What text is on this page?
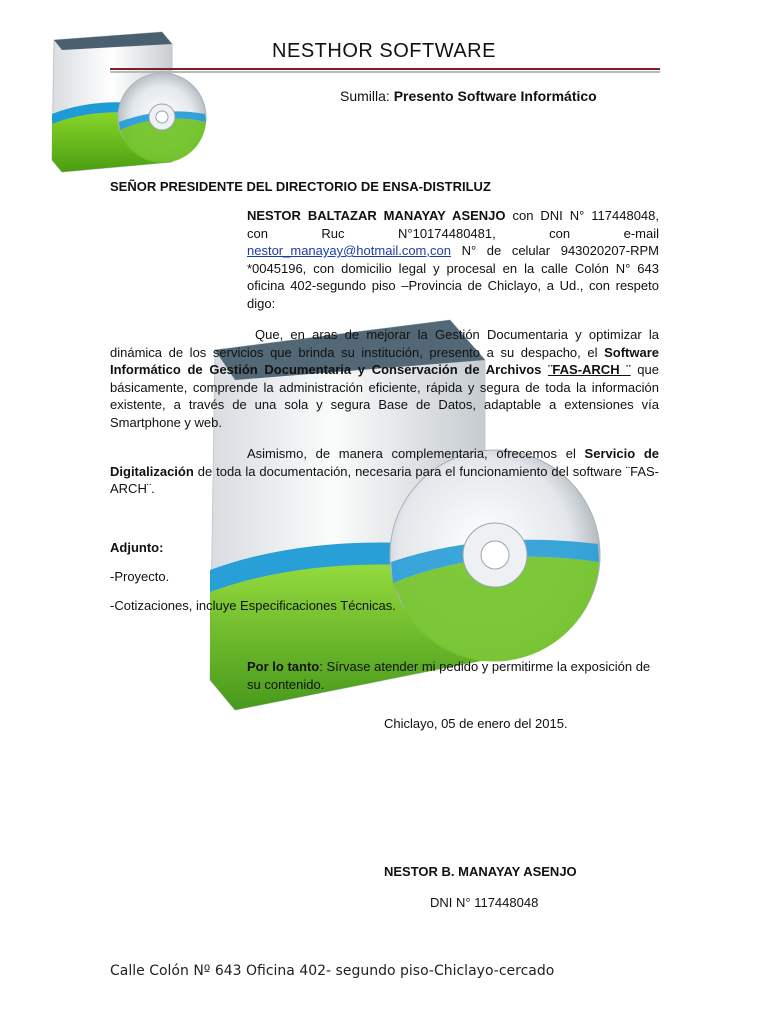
NESTHOR SOFTWARE
Sumilla: Presento Software Informático
SEÑOR PRESIDENTE DEL DIRECTORIO DE ENSA-DISTRILUZ
NESTOR BALTAZAR MANAYAY ASENJO con DNI N° 117448048, con Ruc N°10174480481, con e-mail nestor_manayay@hotmail.com,con N° de celular 943020207-RPM *0045196, con domicilio legal y procesal en la calle Colón N° 643 oficina 402-segundo piso –Provincia de Chiclayo, a Ud., con respeto digo:
Que, en aras de mejorar la Gestión Documentaria y optimizar la dinámica de los servicios que brinda su institución, presento a su despacho, el Software Informático de Gestión Documentaria y Conservación de Archivos ¨FAS-ARCH ¨ que básicamente, comprende la administración eficiente, rápida y segura de toda la información existente, a través de una sola y segura Base de Datos, adaptable a extensiones vía Smartphone y web.
Asimismo, de manera complementaria, ofrecemos el Servicio de Digitalización de toda la documentación, necesaria para el funcionamiento del software ¨FAS-ARCH¨.
Adjunto:
-Proyecto.
-Cotizaciones, incluye Especificaciones Técnicas.
Por lo tanto: Sírvase atender mi pedido y permitirme la exposición de su contenido.
Chiclayo, 05 de enero del 2015.
NESTOR B. MANAYAY ASENJO
DNI N° 117448048
Calle Colón Nº 643 Oficina 402- segundo piso-Chiclayo-cercado
